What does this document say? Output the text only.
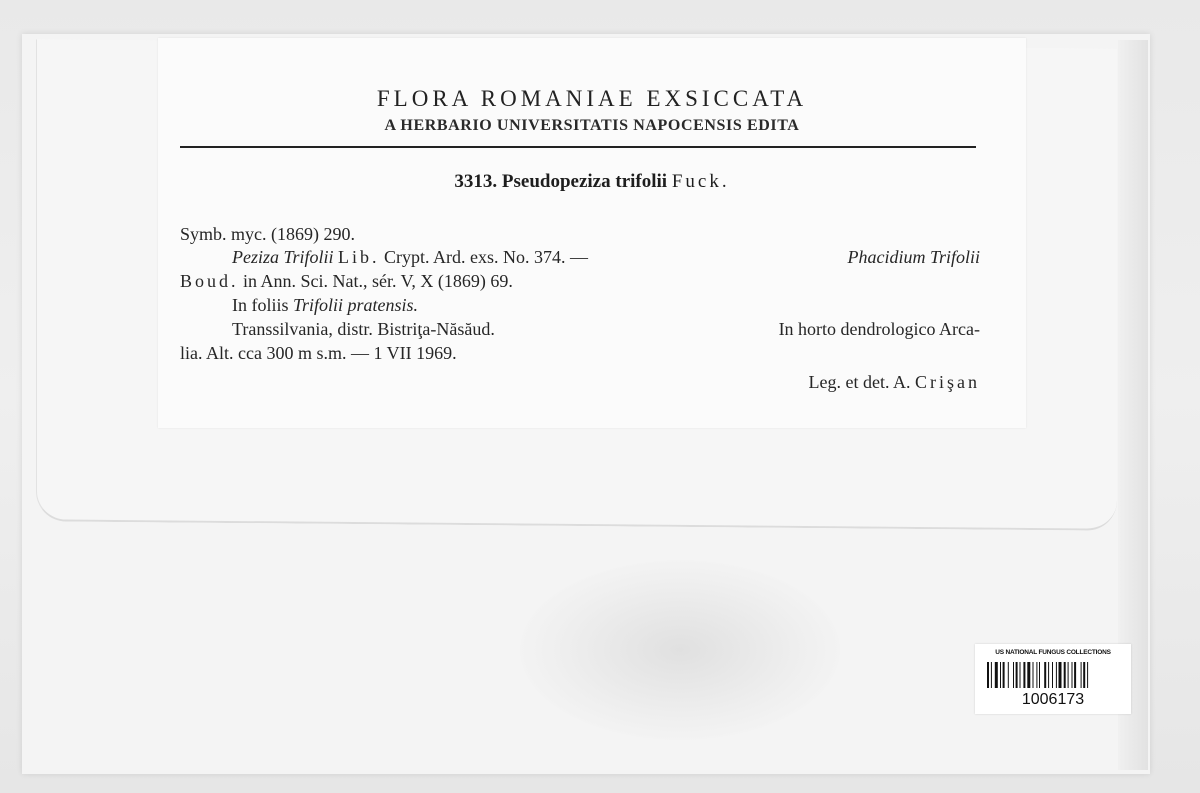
FLORA ROMANIAE EXSICCATA
A HERBARIO UNIVERSITATIS NAPOCENSIS EDITA
3313. Pseudopeziza trifolii Fuck.
Symb. myc. (1869) 290.
Peziza Trifolii Lib. Crypt. Ard. exs. No. 374. —	Phacidium Trifolii
Boud. in Ann. Sci. Nat., sér. V, X (1869) 69.
In foliis Trifolii pratensis.
Transsilvania, distr. Bistriţa-Năsăud.	In horto dendrologico Arca-
lia. Alt. cca 300 m s.m. — 1 VII 1969.
Leg. et det. A. Crişan
US NATIONAL FUNGUS COLLECTIONS
1006173
